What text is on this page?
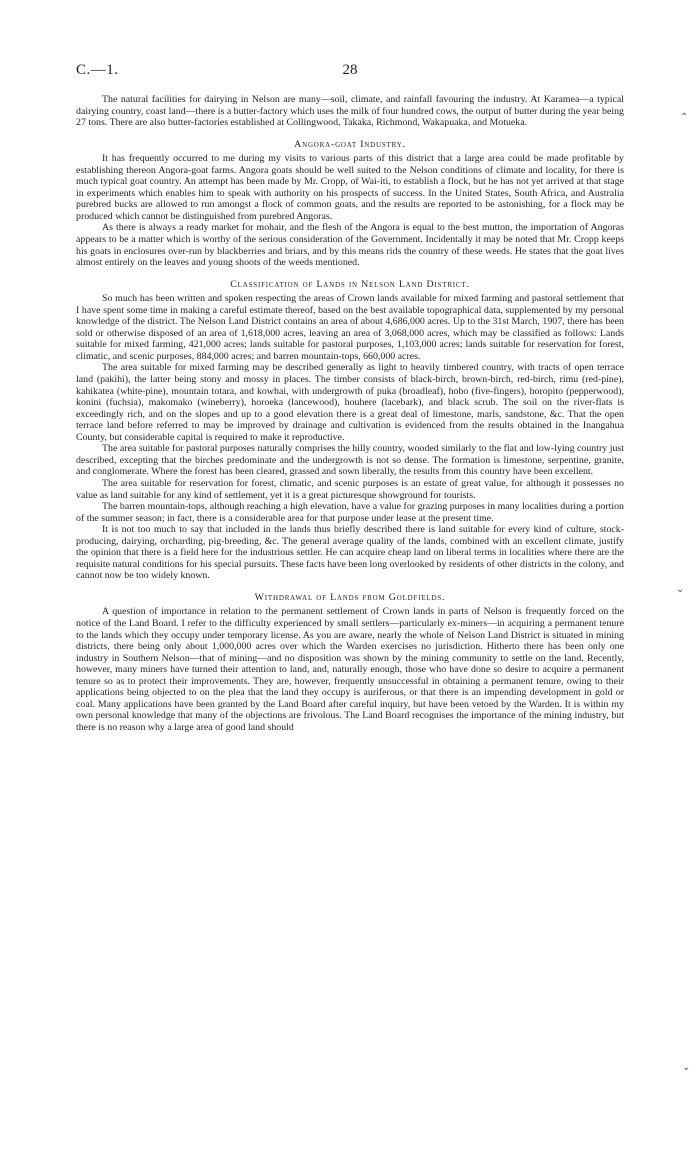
C.—1.	28

The natural facilities for dairying in Nelson are many—soil, climate, and rainfall favouring the industry. At Karamea—a typical dairying country, coast land—there is a butter-factory which uses the milk of four hundred cows, the output of butter during the year being 27 tons. There are also butter-factories established at Collingwood, Takaka, Richmond, Wakapuaka, and Motueka.

Angora-goat Industry.

It has frequently occurred to me during my visits to various parts of this district that a large area could be made profitable by establishing thereon Angora-goat farms. Angora goats should be well suited to the Nelson conditions of climate and locality, for there is much typical goat country. An attempt has been made by Mr. Cropp, of Wai-iti, to establish a flock, but he has not yet arrived at that stage in experiments which enables him to speak with authority on his prospects of success. In the United States, South Africa, and Australia purebred bucks are allowed to run amongst a flock of common goats, and the results are reported to be astonishing, for a flock may be produced which cannot be distinguished from purebred Angoras.

As there is always a ready market for mohair, and the flesh of the Angora is equal to the best mutton, the importation of Angoras appears to be a matter which is worthy of the serious consideration of the Government. Incidentally it may be noted that Mr. Cropp keeps his goats in enclosures over-run by blackberries and briars, and by this means rids the country of these weeds. He states that the goat lives almost entirely on the leaves and young shoots of the weeds mentioned.

Classification of Lands in Nelson Land District.

So much has been written and spoken respecting the areas of Crown lands available for mixed farming and pastoral settlement that I have spent some time in making a careful estimate thereof, based on the best available topographical data, supplemented by my personal knowledge of the district. The Nelson Land District contains an area of about 4,686,000 acres. Up to the 31st March, 1907, there has been sold or otherwise disposed of an area of 1,618,000 acres, leaving an area of 3,068,000 acres, which may be classified as follows: Lands suitable for mixed farming, 421,000 acres; lands suitable for pastoral purposes, 1,103,000 acres; lands suitable for reservation for forest, climatic, and scenic purposes, 884,000 acres; and barren mountain-tops, 660,000 acres.

The area suitable for mixed farming may be described generally as light to heavily timbered country, with tracts of open terrace land (pakihi), the latter being stony and mossy in places. The timber consists of black-birch, brown-birch, red-birch, rimu (red-pine), kahikatea (white-pine), mountain totara, and kowhai, with undergrowth of puka (broadleaf), hobo (five-fingers), horopito (pepperwood), konini (fuchsia), makomako (wineberry), horoeka (lancewood), houhere (lacebark), and black scrub. The soil on the river-flats is exceedingly rich, and on the slopes and up to a good elevation there is a great deal of limestone, marls, sandstone, &c. That the open terrace land before referred to may be improved by drainage and cultivation is evidenced from the results obtained in the Inangahua County, but considerable capital is required to make it reproductive.

The area suitable for pastoral purposes naturally comprises the hilly country, wooded similarly to the flat and low-lying country just described, excepting that the birches predominate and the undergrowth is not so dense. The formation is limestone, serpentine, granite, and conglomerate. Where the forest has been cleared, grassed and sown liberally, the results from this country have been excellent.

The area suitable for reservation for forest, climatic, and scenic purposes is an estate of great value, for although it possesses no value as land suitable for any kind of settlement, yet it is a great picturesque showground for tourists.

The barren mountain-tops, although reaching a high elevation, have a value for grazing purposes in many localities during a portion of the summer season; in fact, there is a considerable area for that purpose under lease at the present time.

It is not too much to say that included in the lands thus briefly described there is land suitable for every kind of culture, stock-producing, dairying, orcharding, pig-breeding, &c. The general average quality of the lands, combined with an excellent climate, justify the opinion that there is a field here for the industrious settler. He can acquire cheap land on liberal terms in localities where there are the requisite natural conditions for his special pursuits. These facts have been long overlooked by residents of other districts in the colony, and cannot now be too widely known.

Withdrawal of Lands from Goldfields.

A question of importance in relation to the permanent settlement of Crown lands in parts of Nelson is frequently forced on the notice of the Land Board. I refer to the difficulty experienced by small settlers—particularly ex-miners—in acquiring a permanent tenure to the lands which they occupy under temporary license. As you are aware, nearly the whole of Nelson Land District is situated in mining districts, there being only about 1,000,000 acres over which the Warden exercises no jurisdiction. Hitherto there has been only one industry in Southern Nelson—that of mining—and no disposition was shown by the mining community to settle on the land. Recently, however, many miners have turned their attention to land, and, naturally enough, those who have done so desire to acquire a permanent tenure so as to protect their improvements. They are, however, frequently unsuccessful in obtaining a permanent tenure, owing to their applications being objected to on the plea that the land they occupy is auriferous, or that there is an impending development in gold or coal. Many applications have been granted by the Land Board after careful inquiry, but have been vetoed by the Warden. It is within my own personal knowledge that many of the objections are frivolous. The Land Board recognises the importance of the mining industry, but there is no reason why a large area of good land should

⌃
⌄
⌄
